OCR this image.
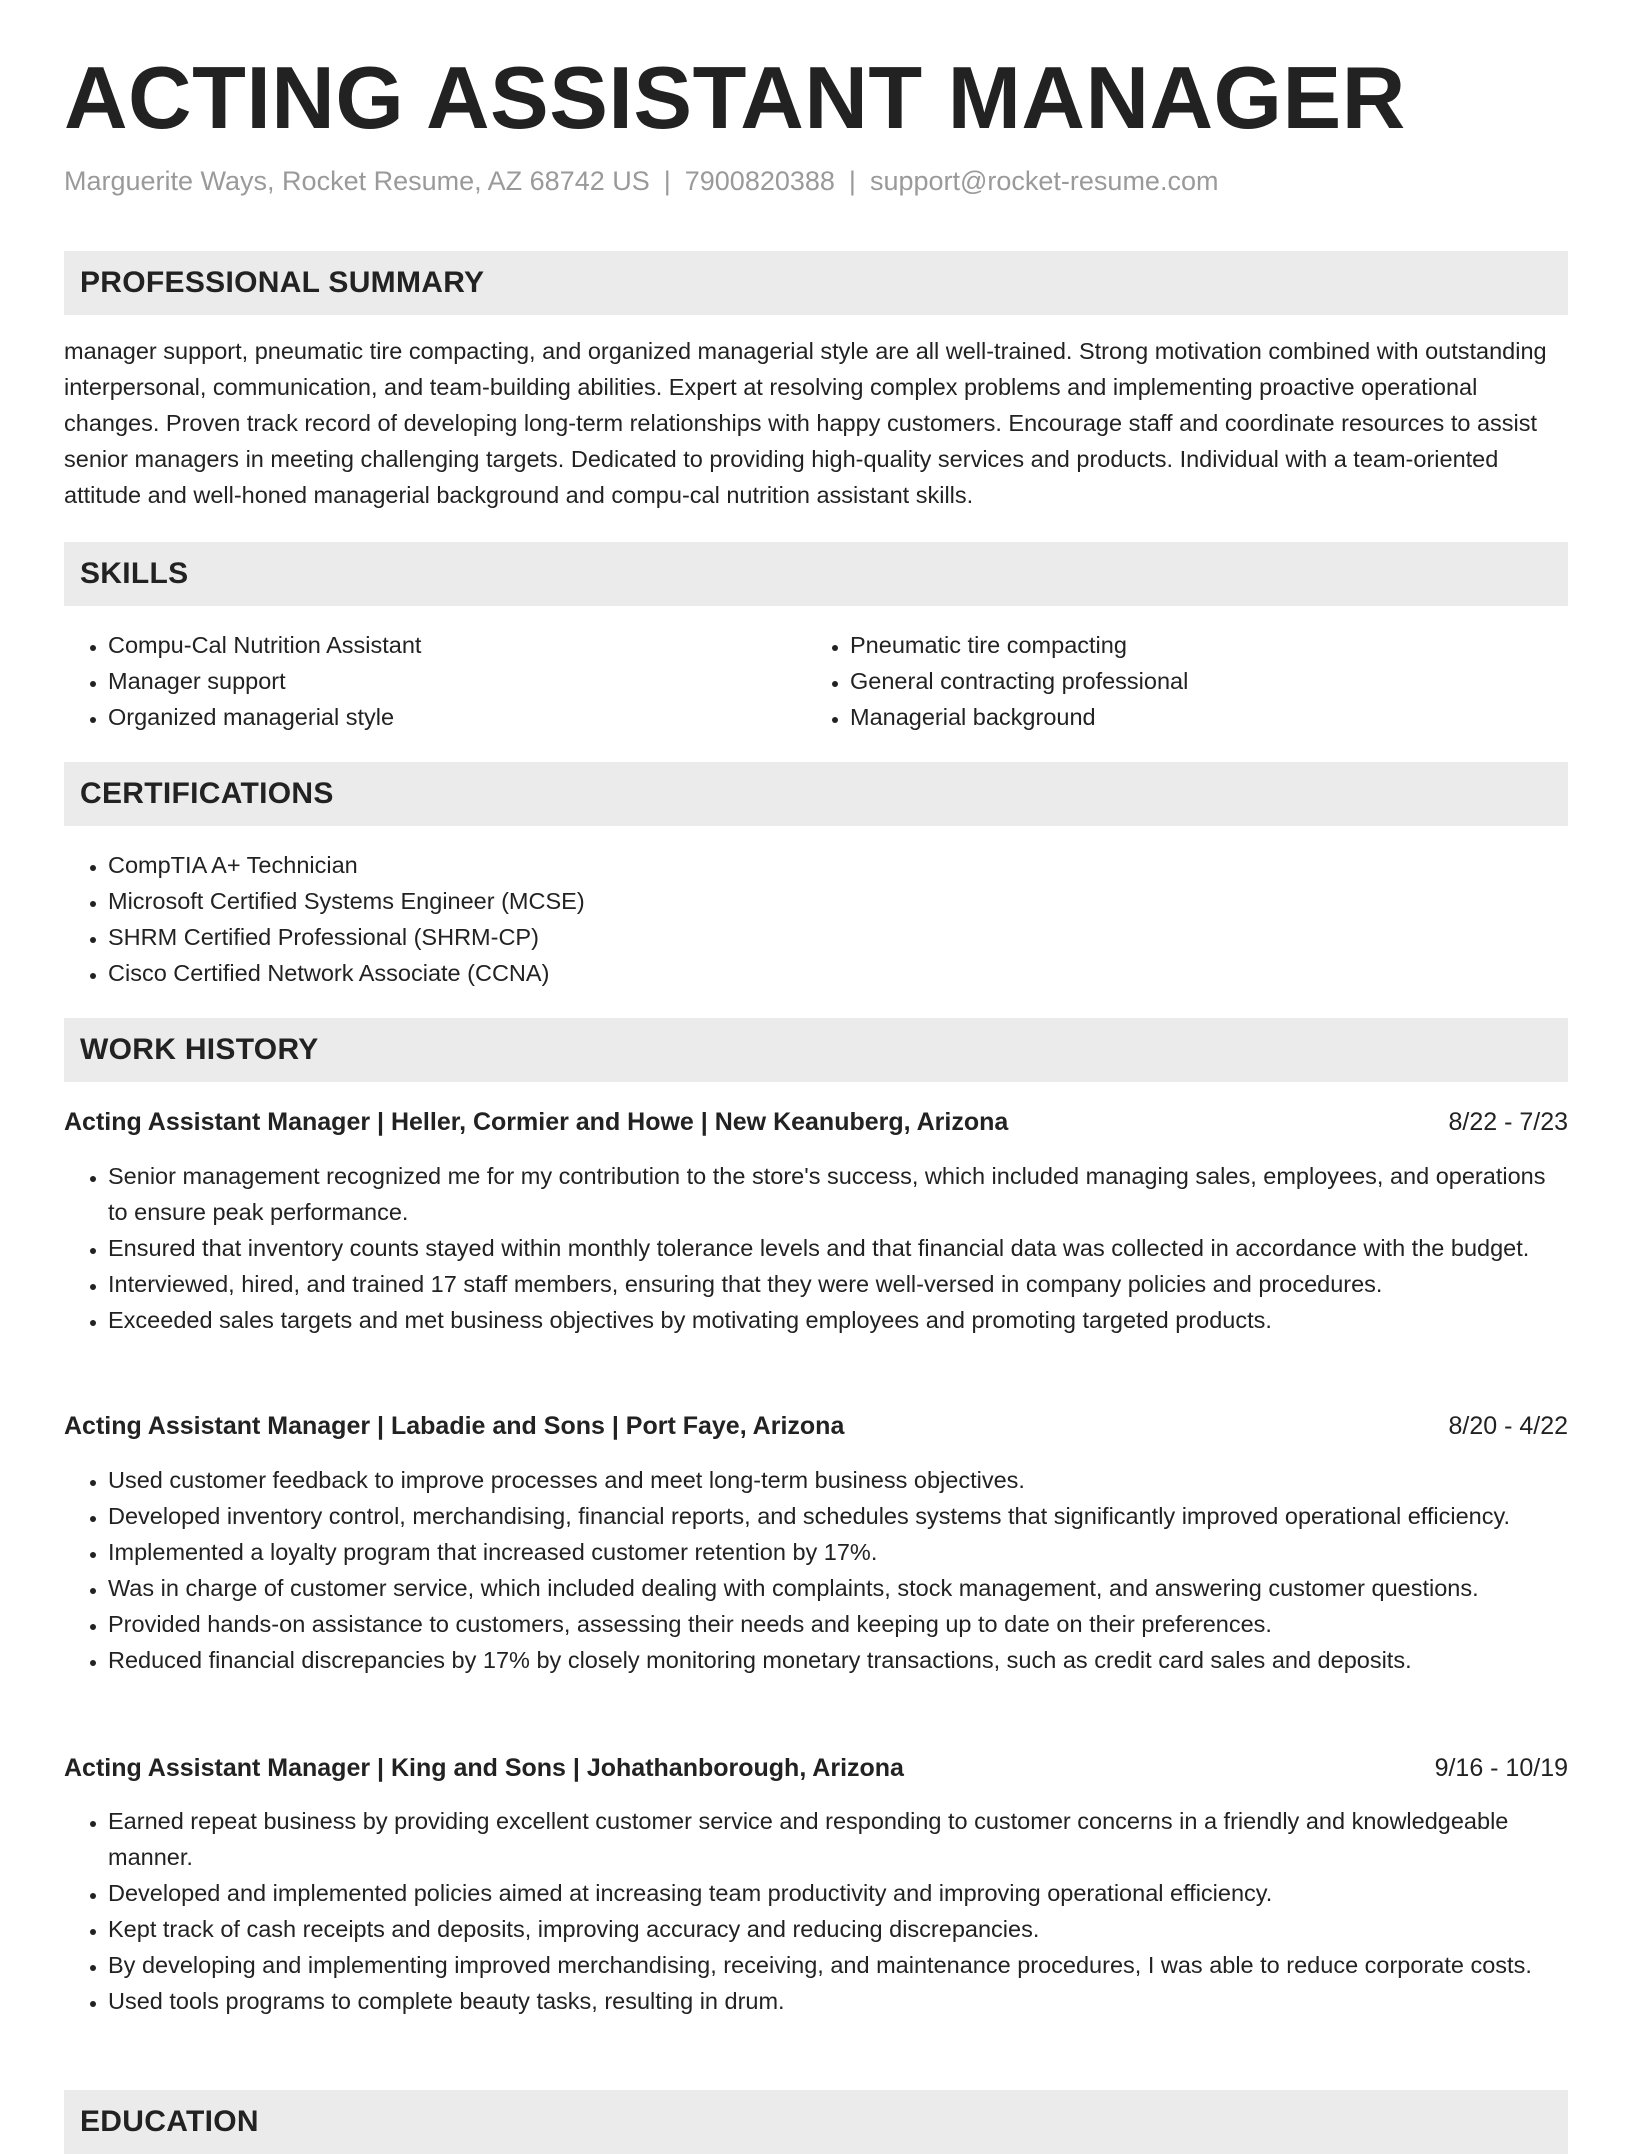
ACTING ASSISTANT MANAGER
Marguerite Ways, Rocket Resume, AZ 68742 US | 7900820388 | support@rocket-resume.com
PROFESSIONAL SUMMARY

manager support, pneumatic tire compacting, and organized managerial style are all well-trained. Strong motivation combined with outstanding interpersonal, communication, and team-building abilities. Expert at resolving complex problems and implementing proactive operational changes. Proven track record of developing long-term relationships with happy customers. Encourage staff and coordinate resources to assist senior managers in meeting challenging targets. Dedicated to providing high-quality services and products. Individual with a team-oriented attitude and well-honed managerial background and compu-cal nutrition assistant skills.

SKILLS
• Compu-Cal Nutrition Assistant
• Manager support
• Organized managerial style
• Pneumatic tire compacting
• General contracting professional
• Managerial background
CERTIFICATIONS
• CompTIA A+ Technician
• Microsoft Certified Systems Engineer (MCSE)
• SHRM Certified Professional (SHRM-CP)
• Cisco Certified Network Associate (CCNA)
WORK HISTORY
Acting Assistant Manager | Heller, Cormier and Howe | New Keanuberg, Arizona	8/22 - 7/23
• Senior management recognized me for my contribution to the store's success, which included managing sales, employees, and operations to ensure peak performance.
• Ensured that inventory counts stayed within monthly tolerance levels and that financial data was collected in accordance with the budget.
• Interviewed, hired, and trained 17 staff members, ensuring that they were well-versed in company policies and procedures.
• Exceeded sales targets and met business objectives by motivating employees and promoting targeted products.
Acting Assistant Manager | Labadie and Sons | Port Faye, Arizona	8/20 - 4/22
• Used customer feedback to improve processes and meet long-term business objectives.
• Developed inventory control, merchandising, financial reports, and schedules systems that significantly improved operational efficiency.
• Implemented a loyalty program that increased customer retention by 17%.
• Was in charge of customer service, which included dealing with complaints, stock management, and answering customer questions.
• Provided hands-on assistance to customers, assessing their needs and keeping up to date on their preferences.
• Reduced financial discrepancies by 17% by closely monitoring monetary transactions, such as credit card sales and deposits.
Acting Assistant Manager | King and Sons | Johathanborough, Arizona	9/16 - 10/19
• Earned repeat business by providing excellent customer service and responding to customer concerns in a friendly and knowledgeable manner.
• Developed and implemented policies aimed at increasing team productivity and improving operational efficiency.
• Kept track of cash receipts and deposits, improving accuracy and reducing discrepancies.
• By developing and implementing improved merchandising, receiving, and maintenance procedures, I was able to reduce corporate costs.
• Used tools programs to complete beauty tasks, resulting in drum.
EDUCATION
